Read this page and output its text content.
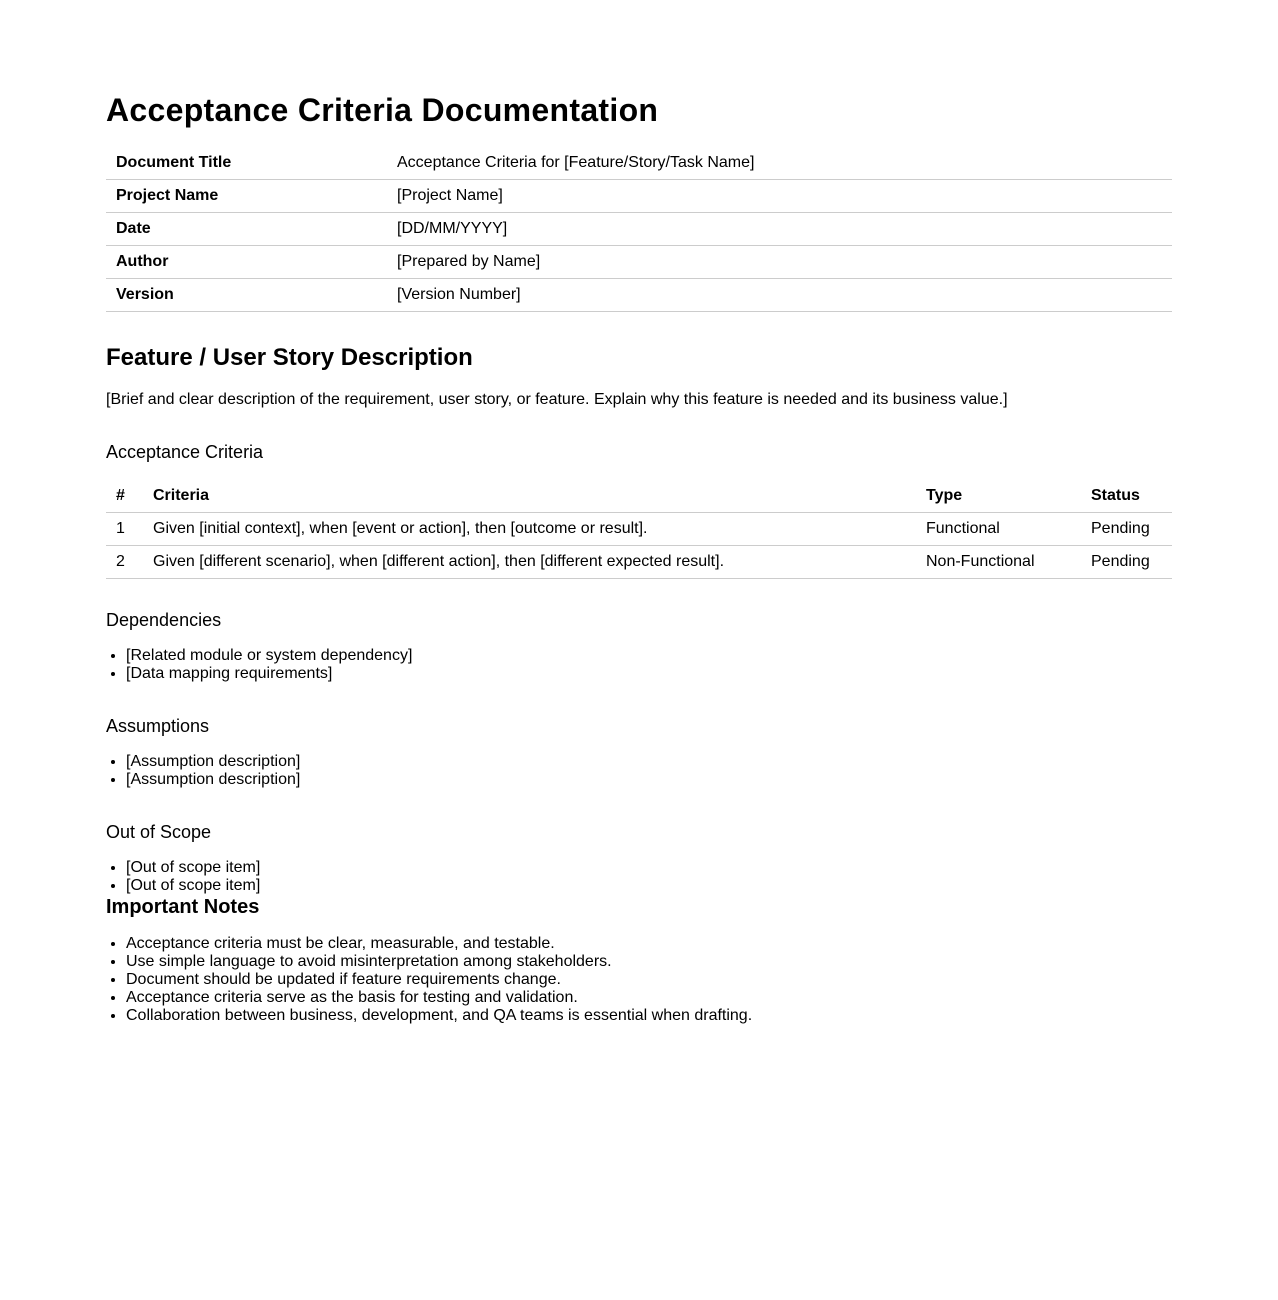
Acceptance Criteria Documentation
Document Title	Acceptance Criteria for [Feature/Story/Task Name]
Project Name	[Project Name]
Date	[DD/MM/YYYY]
Author	[Prepared by Name]
Version	[Version Number]
Feature / User Story Description

[Brief and clear description of the requirement, user story, or feature. Explain why this feature is needed and its business value.]

Acceptance Criteria
#	Criteria	Type	Status
1	Given [initial context], when [event or action], then [outcome or result].	Functional	Pending
2	Given [different scenario], when [different action], then [different expected result].	Non-Functional	Pending
Dependencies
• [Related module or system dependency]
• [Data mapping requirements]
Assumptions
• [Assumption description]
• [Assumption description]
Out of Scope
• [Out of scope item]
• [Out of scope item]
Important Notes
• Acceptance criteria must be clear, measurable, and testable.
• Use simple language to avoid misinterpretation among stakeholders.
• Document should be updated if feature requirements change.
• Acceptance criteria serve as the basis for testing and validation.
• Collaboration between business, development, and QA teams is essential when drafting.
